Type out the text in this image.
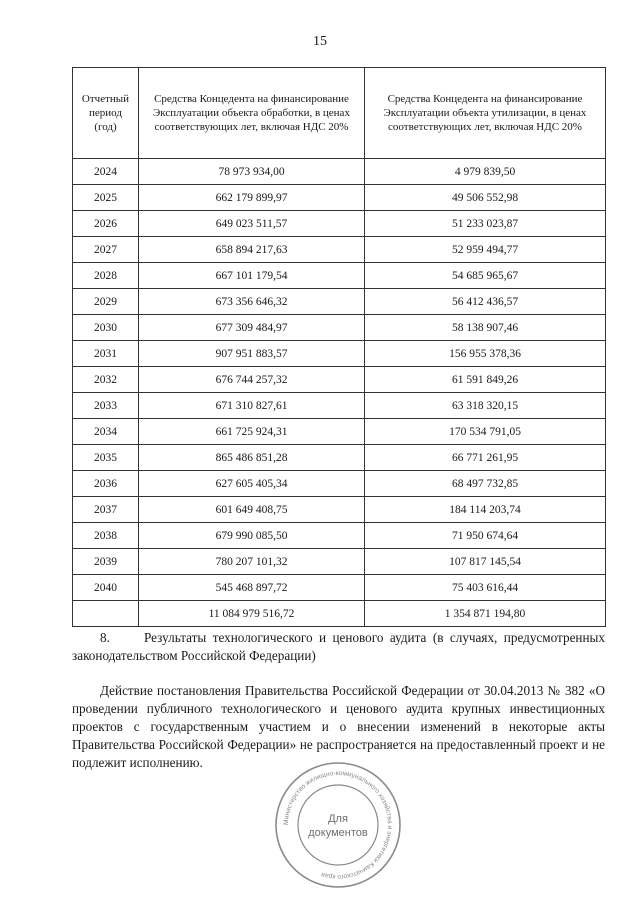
15
Отчетный период (год)	Средства Концедента на финансирование Эксплуатации объекта обработки, в ценах соответствующих лет, включая НДС 20%	Средства Концедента на финансирование Эксплуатации объекта утилизации, в ценах соответствующих лет, включая НДС 20%
2024	78 973 934,00	4 979 839,50
2025	662 179 899,97	49 506 552,98
2026	649 023 511,57	51 233 023,87
2027	658 894 217,63	52 959 494,77
2028	667 101 179,54	54 685 965,67
2029	673 356 646,32	56 412 436,57
2030	677 309 484,97	58 138 907,46
2031	907 951 883,57	156 955 378,36
2032	676 744 257,32	61 591 849,26
2033	671 310 827,61	63 318 320,15
2034	661 725 924,31	170 534 791,05
2035	865 486 851,28	66 771 261,95
2036	627 605 405,34	68 497 732,85
2037	601 649 408,75	184 114 203,74
2038	679 990 085,50	71 950 674,64
2039	780 207 101,32	107 817 145,54
2040	545 468 897,72	75 403 616,44
	11 084 979 516,72	1 354 871 194,80
8.	Результаты технологического и ценового аудита (в случаях, предусмотренных законодательством Российской Федерации)
Действие постановления Правительства Российской Федерации от 30.04.2013 № 382 «О проведении публичного технологического и ценового аудита крупных инвестиционных проектов с государственным участием и о внесении изменений в некоторые акты Правительства Российской Федерации» не распространяется на предоставленный проект и не подлежит исполнению.
Министерство жилищно-коммунального хозяйства и энергетики Камчатского края
Для
документов
